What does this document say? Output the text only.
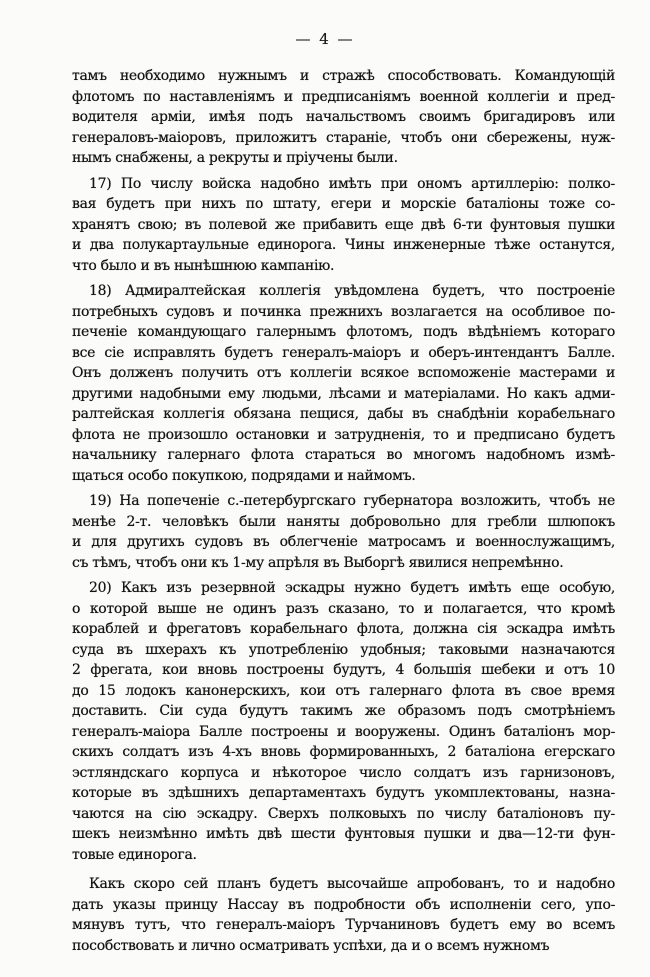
— 4 —
тамъ необходимо нужнымъ и стражѣ способствовать. Командующій
флотомъ по наставленіямъ и предписаніямъ военной коллегіи и пред-
водителя арміи, имѣя подъ начальствомъ своимъ бригадировъ или
генераловъ-маіоровъ, приложитъ стараніе, чтобъ они сбережены, нуж-
нымъ снабжены, а рекруты и пріучены были.
17) По числу войска надобно имѣть при ономъ артиллерію: полко-
вая будетъ при нихъ по штату, егери и морскіе баталіоны тоже со-
хранятъ свою; въ полевой же прибавить еще двѣ 6-ти фунтовыя пушки
и два полукартаульные единорога. Чины инженерные тѣже останутся,
что было и въ нынѣшнюю кампанію.
18) Адмиралтейская коллегія увѣдомлена будетъ, что построеніе
потребныхъ судовъ и починка прежнихъ возлагается на особливое по-
печеніе командующаго галернымъ флотомъ, подъ вѣдѣніемъ котораго
все сіе исправлять будетъ генералъ-маіоръ и оберъ-интендантъ Балле.
Онъ долженъ получить отъ коллегіи всякое вспоможеніе мастерами и
другими надобными ему людьми, лѣсами и матеріалами. Но какъ адми-
ралтейская коллегія обязана пещися, дабы въ снабдѣніи корабельнаго
флота не произошло остановки и затрудненія, то и предписано будетъ
начальнику галернаго флота стараться во многомъ надобномъ измѣ-
щаться особо покупкою, подрядами и наймомъ.
19) На попеченіе с.-петербургскаго губернатора возложить, чтобъ не
менѣе 2-т. человѣкъ были наняты добровольно для гребли шлюпокъ
и для другихъ судовъ въ облегченіе матросамъ и военнослужащимъ,
съ тѣмъ, чтобъ они къ 1-му апрѣля въ Выборгѣ явилися непремѣнно.
20) Какъ изъ резервной эскадры нужно будетъ имѣть еще особую,
о которой выше не одинъ разъ сказано, то и полагается, что кромѣ
кораблей и фрегатовъ корабельнаго флота, должна сія эскадра имѣть
суда въ шхерахъ къ употребленію удобныя; таковыми назначаются
2 фрегата, кои вновь построены будутъ, 4 большія шебеки и отъ 10
до 15 лодокъ канонерскихъ, кои отъ галернаго флота въ свое время
доставить. Сіи суда будутъ такимъ же образомъ подъ смотрѣніемъ
генералъ-маіора Балле построены и вооружены. Одинъ баталіонъ мор-
скихъ солдатъ изъ 4-хъ вновь формированныхъ, 2 баталіона егерскаго
эстляндскаго корпуса и нѣкоторое число солдатъ изъ гарнизоновъ,
которые въ здѣшнихъ департаментахъ будутъ укомплектованы, назна-
чаются на сію эскадру. Сверхъ полковыхъ по числу баталіоновъ пу-
шекъ неизмѣнно имѣть двѣ шести фунтовыя пушки и два—12-ти фун-
товые единорога.
Какъ скоро сей планъ будетъ высочайше апробованъ, то и надобно
дать указы принцу Нассау въ подробности объ исполненіи сего, упо-
мянувъ тутъ, что генералъ-маіоръ Турчаниновъ будетъ ему во всемъ
пособствовать и лично осматривать успѣхи, да и о всемъ нужномъ
